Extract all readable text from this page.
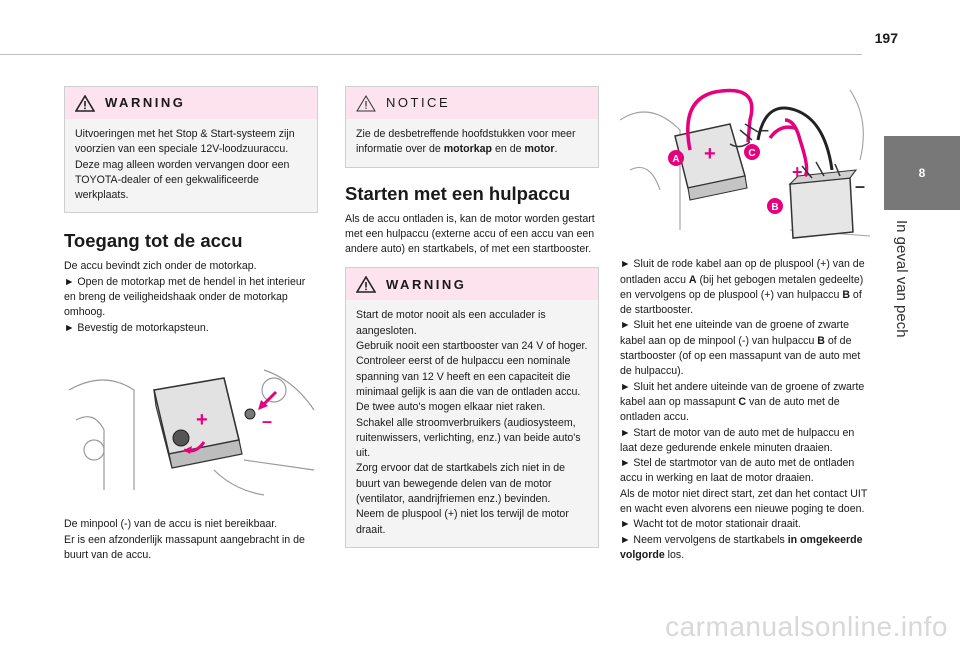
197
8
In geval van pech
WARNING

Uitvoeringen met het Stop & Start-systeem zijn voorzien van een speciale 12V-loodzuuraccu. Deze mag alleen worden vervangen door een TOYOTA-dealer of een gekwalificeerde werkplaats.

Toegang tot de accu

De accu bevindt zich onder de motorkap.

► Open de motorkap met de hendel in het interieur en breng de veiligheidshaak onder de motorkap omhoog.

► Bevestig de motorkapsteun.

+	–

De minpool (-) van de accu is niet bereikbaar.

Er is een afzonderlijk massapunt aangebracht in de buurt van de accu.

NOTICE

Zie de desbetreffende hoofdstukken voor meer informatie over de motorkap en de motor.

Starten met een hulpaccu

Als de accu ontladen is, kan de motor worden gestart met een hulpaccu (externe accu of een accu van een andere auto) en startkabels, of met een startbooster.

WARNING

Start de motor nooit als een acculader is aangesloten.

Gebruik nooit een startbooster van 24 V of hoger.

Controleer eerst of de hulpaccu een nominale spanning van 12 V heeft en een capaciteit die minimaal gelijk is aan die van de ontladen accu.

De twee auto's mogen elkaar niet raken.

Schakel alle stroomverbruikers (audiosysteem, ruitenwissers, verlichting, enz.) van beide auto's uit.

Zorg ervoor dat de startkabels zich niet in de buurt van bewegende delen van de motor (ventilator, aandrijfriemen enz.) bevinden.

Neem de pluspool (+) niet los terwijl de motor draait.

+
+
–
–
A
B
C

► Sluit de rode kabel aan op de pluspool (+) van de ontladen accu A (bij het gebogen metalen gedeelte) en vervolgens op de pluspool (+) van hulpaccu B of de startbooster.

► Sluit het ene uiteinde van de groene of zwarte kabel aan op de minpool (-) van hulpaccu B of de startbooster (of op een massapunt van de auto met de hulpaccu).

► Sluit het andere uiteinde van de groene of zwarte kabel aan op massapunt C van de auto met de ontladen accu.

► Start de motor van de auto met de hulpaccu en laat deze gedurende enkele minuten draaien.

► Stel de startmotor van de auto met de ontladen accu in werking en laat de motor draaien.

Als de motor niet direct start, zet dan het contact UIT en wacht even alvorens een nieuwe poging te doen.

► Wacht tot de motor stationair draait.

► Neem vervolgens de startkabels in omgekeerde volgorde los.

carmanualsonline.info
